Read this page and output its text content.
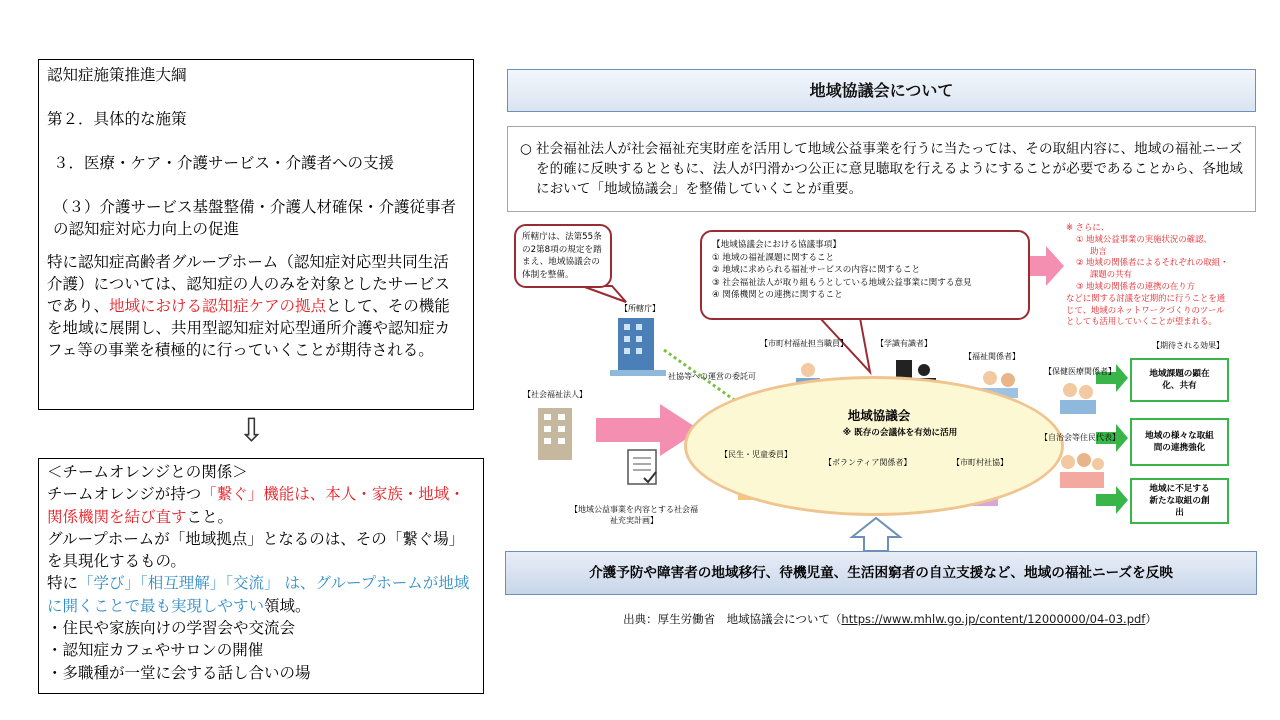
認知症施策推進大綱
第２．具体的な施策
３．医療・ケア・介護サービス・介護者への支援
（３）介護サービス基盤整備・介護人材確保・介護従事者の認知症対応力向上の促進
特に認知症高齢者グループホーム（認知症対応型共同生活介護）については、認知症の人のみを対象としたサービスであり、地域における認知症ケアの拠点として、その機能を地域に展開し、共用型認知症対応型通所介護や認知症カフェ等の事業を積極的に行っていくことが期待される。
⇩
＜チームオレンジとの関係＞
チームオレンジが持つ「繋ぐ」機能は、本人・家族・地域・関係機関を結び直すこと。
グループホームが「地域拠点」となるのは、その「繋ぐ場」を具現化するもの。
特に「学び」「相互理解」「交流」 は、グループホームが地域に開くことで最も実現しやすい領域。
・住民や家族向けの学習会や交流会
・認知症カフェやサロンの開催
・多職種が一堂に会する話し合いの場
地域協議会について
○ 社会福祉法人が社会福祉充実財産を活用して地域公益事業を行うに当たっては、その取組内容に、地域の福祉ニーズを的確に反映するとともに、法人が円滑かつ公正に意見聴取を行えるようにすることが必要であることから、各地域において「地域協議会」を整備していくことが重要。
所轄庁は、法第55条の2第8項の規定を踏まえ、地域協議会の体制を整備。
【地域協議会における協議事項】
① 地域の福祉課題に関すること
② 地域に求められる福祉サービスの内容に関すること
③ 社会福祉法人が取り組もうとしている地域公益事業に関する意見
④ 関係機関との連携に関すること
※ さらに、
① 地域公益事業の実施状況の確認、
助言
② 地域の関係者によるそれぞれの取組・
課題の共有
③ 地域の関係者の連携の在り方
などに関する討議を定期的に行うことを通
じて、地域のネットワークづくりのツール
としても活用していくことが望まれる。
地域協議会
※ 既存の会議体を有効に活用
【所轄庁】
【社会福祉法人】
【市町村福祉担当職員】	【学識有識者】
【福祉関係者】
【保健医療関係者】
【自治会等住民代表】
【民生・児童委員】
【ボランティア関係者】	【市町村社協】
【期待される効果】
社協等への運営の委託可
【地域公益事業を内容とする社会福祉充実計画】
地域課題の顕在化、共有
地域の様々な取組間の連携強化
地域に不足する新たな取組の創出
介護予防や障害者の地域移行、待機児童、生活困窮者の自立支援など、地域の福祉ニーズを反映
出典：厚生労働省　地域協議会について（https://www.mhlw.go.jp/content/12000000/04-03.pdf）
